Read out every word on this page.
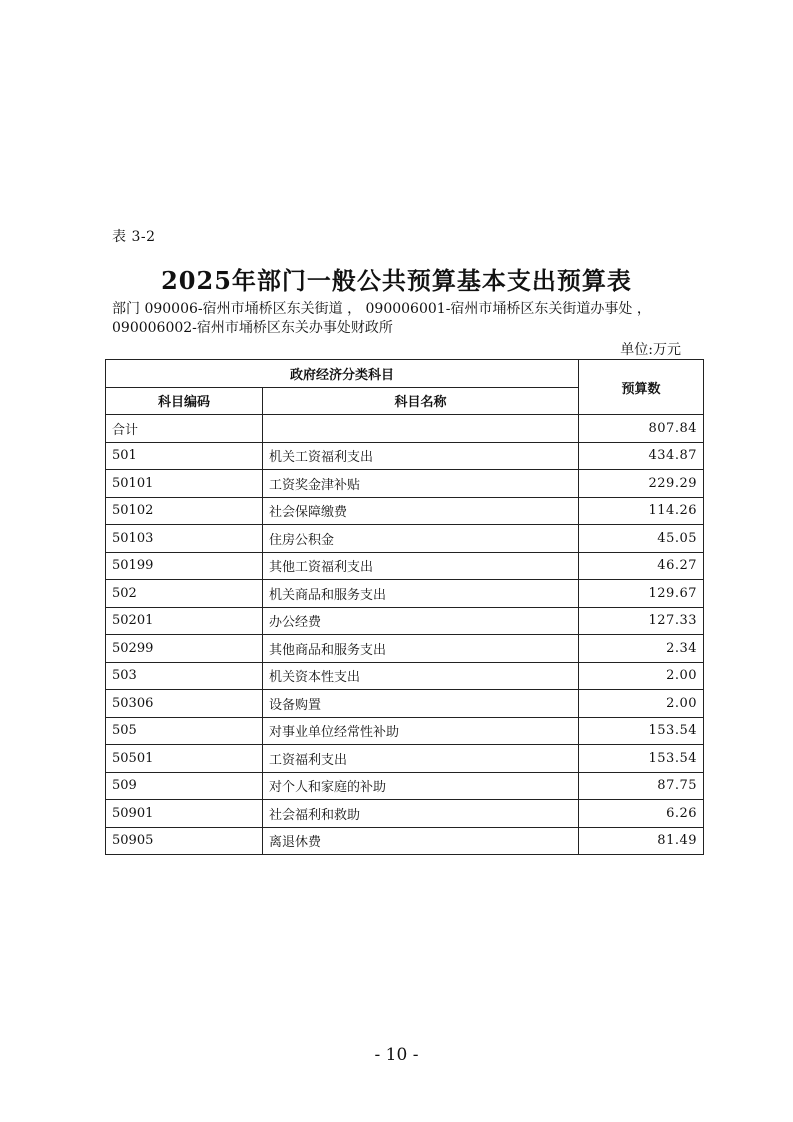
表 3-2
2025年部门一般公共预算基本支出预算表
部门 090006-宿州市埇桥区东关街道 ， 090006001-宿州市埇桥区东关街道办事处 ，
090006002-宿州市埇桥区东关办事处财政所
单位:万元
政府经济分类科目		预算数
科目编码	科目名称	
合计		807.84
501	机关工资福利支出	434.87
50101	工资奖金津补贴	229.29
50102	社会保障缴费	114.26
50103	住房公积金	45.05
50199	其他工资福利支出	46.27
502	机关商品和服务支出	129.67
50201	办公经费	127.33
50299	其他商品和服务支出	2.34
503	机关资本性支出	2.00
50306	设备购置	2.00
505	对事业单位经常性补助	153.54
50501	工资福利支出	153.54
509	对个人和家庭的补助	87.75
50901	社会福利和救助	6.26
50905	离退休费	81.49
- 10 -
